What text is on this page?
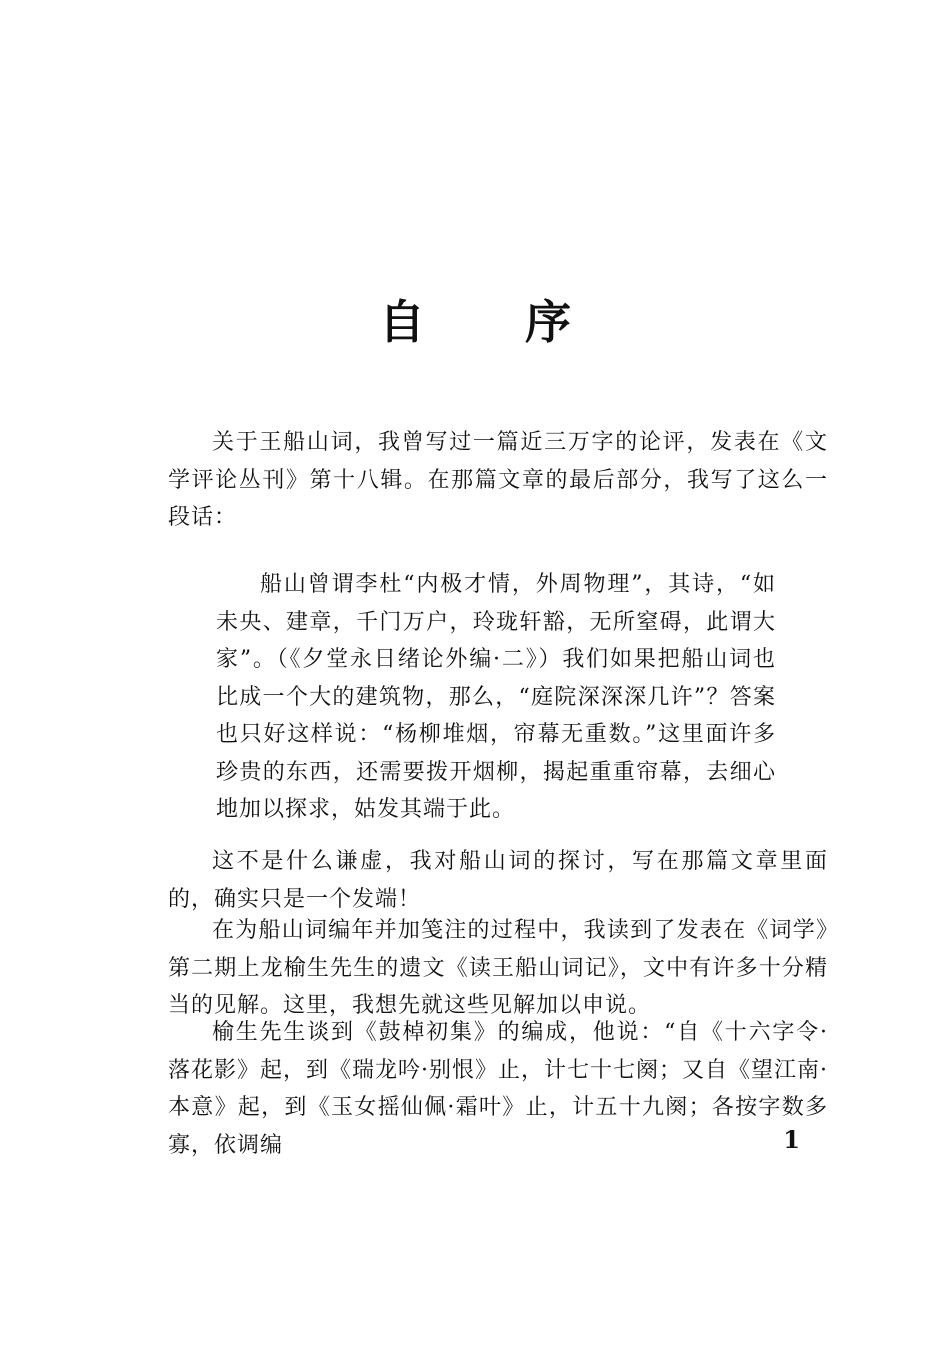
自 序

关于王船山词，我曾写过一篇近三万字的论评，发表在《文学评论丛刊》第十八辑。在那篇文章的最后部分，我写了这么一段话：

船山曾谓李杜“内极才情，外周物理”，其诗，“如未央、建章，千门万户，玲珑轩豁，无所窒碍，此谓大家”。（《夕堂永日绪论外编·二》）我们如果把船山词也比成一个大的建筑物，那么，“庭院深深深几许”？答案也只好这样说：“杨柳堆烟，帘幕无重数。”这里面许多珍贵的东西，还需要拨开烟柳，揭起重重帘幕，去细心地加以探求，姑发其端于此。

这不是什么谦虚，我对船山词的探讨，写在那篇文章里面的，确实只是一个发端！

在为船山词编年并加笺注的过程中，我读到了发表在《词学》第二期上龙榆生先生的遗文《读王船山词记》，文中有许多十分精当的见解。这里，我想先就这些见解加以申说。

榆生先生谈到《鼓棹初集》的编成，他说：“自《十六字令·落花影》起，到《瑞龙吟·别恨》止，计七十七阕；又自《望江南·本意》起，到《玉女摇仙佩·霜叶》止，计五十九阕；各按字数多寡，依调编	1
